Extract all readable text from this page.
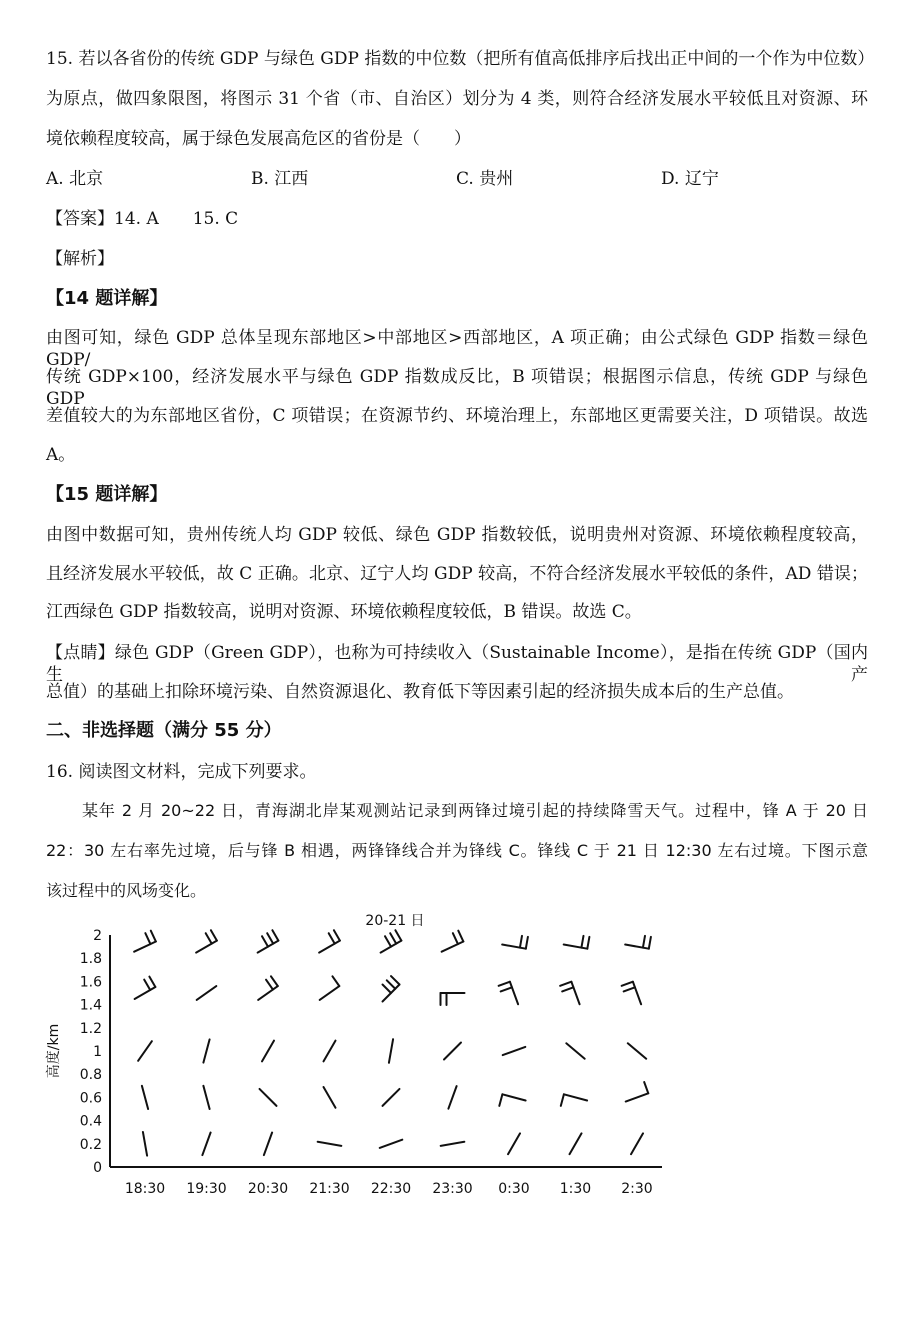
15. 若以各省份的传统 GDP 与绿色 GDP 指数的中位数（把所有值高低排序后找出正中间的一个作为中位数）
为原点，做四象限图，将图示 31 个省（市、自治区）划分为 4 类，则符合经济发展水平较低且对资源、环
境依赖程度较高，属于绿色发展高危区的省份是（　　）
A. 北京	B. 江西	C. 贵州	D. 辽宁
【答案】14. A　　15. C
【解析】
【14 题详解】
由图可知，绿色 GDP 总体呈现东部地区>中部地区>西部地区，A 项正确；由公式绿色 GDP 指数＝绿色 GDP/
传统 GDP×100，经济发展水平与绿色 GDP 指数成反比，B 项错误；根据图示信息，传统 GDP 与绿色 GDP
差值较大的为东部地区省份，C 项错误；在资源节约、环境治理上，东部地区更需要关注，D 项错误。故选
A。
【15 题详解】
由图中数据可知，贵州传统人均 GDP 较低、绿色 GDP 指数较低，说明贵州对资源、环境依赖程度较高，
且经济发展水平较低，故 C 正确。北京、辽宁人均 GDP 较高，不符合经济发展水平较低的条件，AD 错误；
江西绿色 GDP 指数较高，说明对资源、环境依赖程度较低，B 错误。故选 C。
【点睛】绿色 GDP（Green GDP），也称为可持续收入（Sustainable Income），是指在传统 GDP（国内生产
总值）的基础上扣除环境污染、自然资源退化、教育低下等因素引起的经济损失成本后的生产总值。
二、非选择题（满分 55 分）
16. 阅读图文材料，完成下列要求。
某年 2 月 20~22 日，青海湖北岸某观测站记录到两锋过境引起的持续降雪天气。过程中，锋 A 于 20 日
22：30 左右率先过境，后与锋 B 相遇，两锋锋线合并为锋线 C。锋线 C 于 21 日 12:30 左右过境。下图示意
该过程中的风场变化。
20-21 日
高度/km
0
0.2
0.4
0.6
0.8
1
1.2
1.4
1.6
1.8
2
18:30 19:30 20:30 21:30 22:30 23:30 0:30 1:30 2:30
